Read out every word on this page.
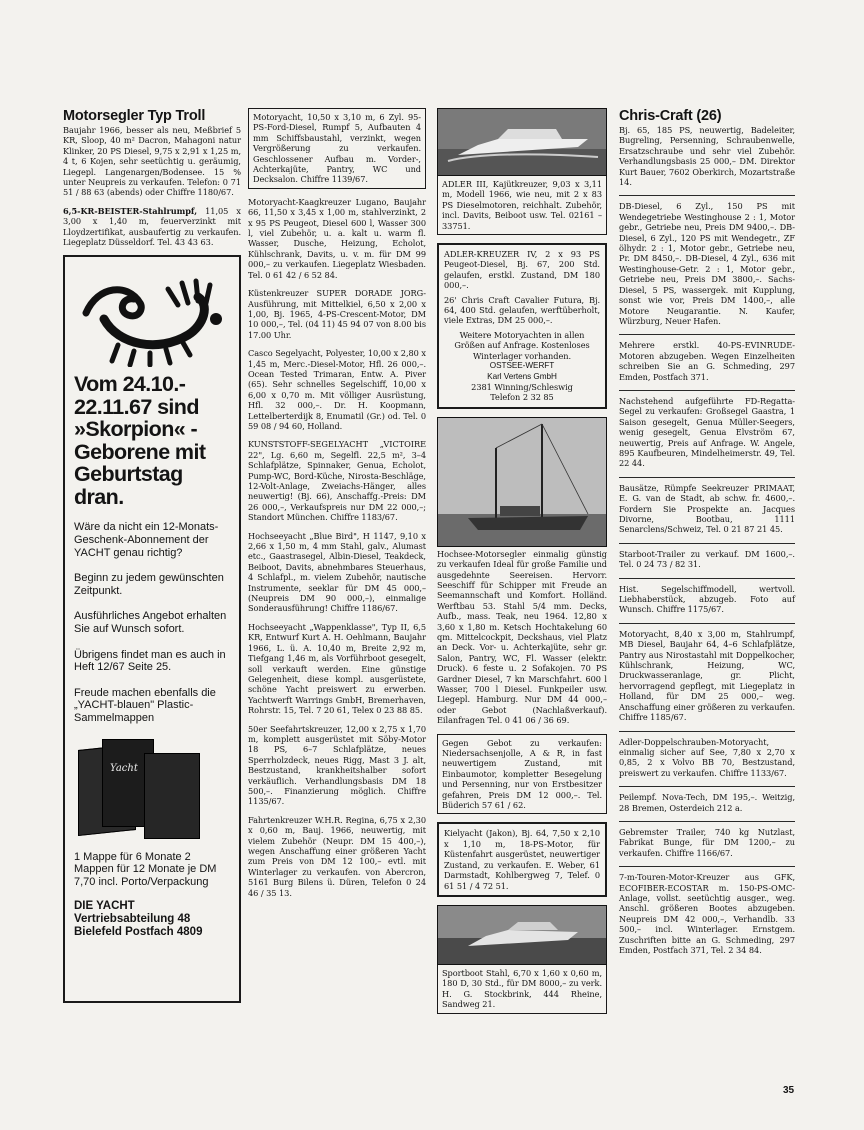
Motorsegler Typ Troll
Baujahr 1966, besser als neu, Meßbrief 5 KR, Sloop, 40 m² Dacron, Mahagoni natur Klinker, 20 PS Diesel, 9,75 x 2,91 x 1,25 m, 4 t, 6 Kojen, sehr seetüchtig u. geräumig, Liegepl. Langenargen/Bodensee. 15 % unter Neupreis zu verkaufen. Telefon: 0 71 51 / 88 63 (abends) oder Chiffre 1180/67.
6,5-KR-BEISTER-Stahlrumpf, 11,05 x 3,00 x 1,40 m, feuerverzinkt mit Lloydzertifikat, ausbaufertig zu verkaufen. Liegeplatz Düsseldorf. Tel. 43 43 63.
Vom 24.10.- 22.11.67 sind »Skorpion« -Geborene mit Geburtstag dran.
Wäre da nicht ein 12-Monats-Geschenk-Abonnement der YACHT genau richtig?
Beginn zu jedem gewünschten Zeitpunkt.
Ausführliches Angebot erhalten Sie auf Wunsch sofort.
Übrigens findet man es auch in Heft 12/67 Seite 25.
Freude machen ebenfalls die „YACHT-blauen" Plastic-Sammelmappen
Yacht
1 Mappe für 6 Monate 2 Mappen für 12 Monate je DM 7,70 incl. Porto/Verpackung
DIE YACHT Vertriebsabteilung 48 Bielefeld Postfach 4809
Motoryacht, 10,50 x 3,10 m, 6 Zyl. 95-PS-Ford-Diesel, Rumpf 5, Aufbauten 4 mm Schiffsbaustahl, verzinkt, wegen Vergrößerung zu verkaufen. Geschlossener Aufbau m. Vorder-, Achterkajüte, Pantry, WC und Decksalon. Chiffre 1139/67.
Motoryacht-Kaagkreuzer Lugano, Baujahr 66, 11,50 x 3,45 x 1,00 m, stahlverzinkt, 2 x 95 PS Peugeot, Diesel 600 l, Wasser 300 l, viel Zubehör, u. a. kalt u. warm fl. Wasser, Dusche, Heizung, Echolot, Kühlschrank, Davits, u. v. m. für DM 99 000,– zu verkaufen. Liegeplatz Wiesbaden. Tel. 0 61 42 / 6 52 84.
Küstenkreuzer SUPER DORADE JORG-Ausführung, mit Mittelkiel, 6,50 x 2,00 x 1,00, Bj. 1965, 4-PS-Crescent-Motor, DM 10 000,–, Tel. (04 11) 45 94 07 von 8.00 bis 17.00 Uhr.
Casco Segelyacht, Polyester, 10,00 x 2,80 x 1,45 m, Merc.-Diesel-Motor, Hfl. 26 000,–. Ocean Tested Trimaran, Entw. A. Piver (65). Sehr schnelles Segelschiff, 10,00 x 6,00 x 0,70 m. Mit völliger Ausrüstung, Hfl. 32 000,–. Dr. H. Koopmann, Lettelberterdijk 8, Enumatil (Gr.) od. Tel. 0 59 08 / 94 60, Holland.
KUNSTSTOFF-SEGELYACHT „VICTOIRE 22", Lg. 6,60 m, Segelfl. 22,5 m², 3–4 Schlafplätze, Spinnaker, Genua, Echolot, Pump-WC, Bord-Küche, Nirosta-Beschläge, 12-Volt-Anlage, Zweiachs-Hänger, alles neuwertig! (Bj. 66), Anschaffg.-Preis: DM 26 000,–, Verkaufspreis nur DM 22 000,–; Standort München. Chiffre 1183/67.
Hochseeyacht „Blue Bird", H 1147, 9,10 x 2,66 x 1,50 m, 4 mm Stahl, galv., Alumast etc., Gaastrasegel, Albin-Diesel, Teakdeck, Beiboot, Davits, abnehmbares Steuerhaus, 4 Schlafpl., m. vielem Zubehör, nautische Instrumente, seeklar für DM 45 000,– (Neupreis DM 90 000,–), einmalige Sonderausführung! Chiffre 1186/67.
Hochseeyacht „Wappenklasse", Typ II, 6,5 KR, Entwurf Kurt A. H. Oehlmann, Baujahr 1966, L. ü. A. 10,40 m, Breite 2,92 m, Tiefgang 1,46 m, als Vorführboot gesegelt, soll verkauft werden. Eine günstige Gelegenheit, diese kompl. ausgerüstete, schöne Yacht preiswert zu erwerben. Yachtwerft Warrings GmbH, Bremerhaven, Rohrstr. 15, Tel. 7 20 61, Telex 0 23 88 85.
50er Seefahrtskreuzer, 12,00 x 2,75 x 1,70 m, komplett ausgerüstet mit Söby-Motor 18 PS, 6–7 Schlafplätze, neues Sperrholzdeck, neues Rigg, Mast 3 J. alt, Bestzustand, krankheitshalber sofort verkäuflich. Verhandlungsbasis DM 18 500,–. Finanzierung möglich. Chiffre 1135/67.
Fahrtenkreuzer W.H.R. Regina, 6,75 x 2,30 x 0,60 m, Bauj. 1966, neuwertig, mit vielem Zubehör (Neupr. DM 15 400,–), wegen Anschaffung einer größeren Yacht zum Preis von DM 12 100,– evtl. mit Winterlager zu verkaufen. von Abercron, 5161 Burg Bilens ü. Düren, Telefon 0 24 46 / 35 13.
ADLER III, Kajütkreuzer, 9,03 x 3,11 m, Modell 1966, wie neu, mit 2 x 83 PS Dieselmotoren, reichhalt. Zubehör, incl. Davits, Beiboot usw. Tel. 02161 – 33751.
ADLER-KREUZER IV, 2 x 93 PS Peugeot-Diesel, Bj. 67, 200 Std. gelaufen, erstkl. Zustand, DM 180 000,–.
26' Chris Craft Cavalier Futura, Bj. 64, 400 Std. gelaufen, werftüberholt, viele Extras, DM 25 000,–.
Weitere Motoryachten in allen Größen auf Anfrage. Kostenloses Winterlager vorhanden.
OSTSEE-WERFT
Karl Vertens GmbH
2381 Winning/Schleswig
Telefon 2 32 85
Hochsee-Motorsegler einmalig günstig zu verkaufen Ideal für große Familie und ausgedehnte Seereisen. Hervorr. Seeschiff für Schipper mit Freude an Seemannschaft und Komfort. Holländ. Werftbau 53. Stahl 5/4 mm. Decks, Aufb., mass. Teak, neu 1964. 12,80 x 3,60 x 1,80 m. Ketsch Hochtakelung 60 qm. Mittelcockpit, Deckshaus, viel Platz an Deck. Vor- u. Achterkajüte, sehr gr. Salon, Pantry, WC, Fl. Wasser (elektr. Druck). 6 feste u. 2 Sofakojen. 70 PS Gardner Diesel, 7 kn Marschfahrt. 600 l Wasser, 700 l Diesel. Funkpeiler usw. Liegepl. Hamburg. Nur DM 44 000,– oder Gebot (Nachlaßverkauf). Eilanfragen Tel. 0 41 06 / 36 69.
Gegen Gebot zu verkaufen: Niedersachsenjolle, A & R, in fast neuwertigem Zustand, mit Einbaumotor, kompletter Besegelung und Persenning, nur von Erstbesitzer gefahren, Preis DM 12 000,–. Tel. Büderich 57 61 / 62.
Kielyacht (Jakon), Bj. 64, 7,50 x 2,10 x 1,10 m, 18-PS-Motor, für Küstenfahrt ausgerüstet, neuwertiger Zustand, zu verkaufen. E. Weber, 61 Darmstadt, Kohlbergweg 7, Telef. 0 61 51 / 4 72 51.
Sportboot Stahl, 6,70 x 1,60 x 0,60 m, 180 D, 30 Std., für DM 8000,– zu verk. H. G. Stockbrink, 444 Rheine, Sandweg 21.
Chris-Craft (26)
Bj. 65, 185 PS, neuwertig, Badeleiter, Bugreling, Persenning, Schraubenwelle, Ersatzschraube und sehr viel Zubehör. Verhandlungsbasis 25 000,– DM. Direktor Kurt Bauer, 7602 Oberkirch, Mozartstraße 14.
DB-Diesel, 6 Zyl., 150 PS mit Wendegetriebe Westinghouse 2 : 1, Motor gebr., Getriebe neu, Preis DM 9400,–. DB-Diesel, 6 Zyl., 120 PS mit Wendegetr., ZF ölhydr. 2 : 1, Motor gebr., Getriebe neu, Pr. DM 8450,–. DB-Diesel, 4 Zyl., 636 mit Westinghouse-Getr. 2 : 1, Motor gebr., Getriebe neu, Preis DM 3800,–. Sachs-Diesel, 5 PS, wassergek. mit Kupplung, sonst wie vor, Preis DM 1400,–, alle Motore Neugarantie. N. Kaufer, Würzburg, Neuer Hafen.
Mehrere erstkl. 40-PS-EVINRUDE-Motoren abzugeben. Wegen Einzelheiten schreiben Sie an G. Schmeding, 297 Emden, Postfach 371.
Nachstehend aufgeführte FD-Regatta-Segel zu verkaufen: Großsegel Gaastra, 1 Saison gesegelt, Genua Müller-Seegers, wenig gesegelt, Genua Elvström 67, neuwertig, Preis auf Anfrage. W. Angele, 895 Kaufbeuren, Mindelheimerstr. 49, Tel. 22 44.
Bausätze, Rümpfe Seekreuzer PRIMAAT, E. G. van de Stadt, ab schw. fr. 4600,–. Fordern Sie Prospekte an. Jacques Divorne, Bootbau, 1111 Senarclens/Schweiz, Tel. 0 21 87 21 45.
Starboot-Trailer zu verkauf. DM 1600,–. Tel. 0 24 73 / 82 31.
Hist. Segelschiffmodell, wertvoll. Liebhaberstück, abzugeb. Foto auf Wunsch. Chiffre 1175/67.
Motoryacht, 8,40 x 3,00 m, Stahlrumpf, MB Diesel, Baujahr 64, 4–6 Schlafplätze, Pantry aus Nirostastahl mit Doppelkocher, Kühlschrank, Heizung, WC, Druckwasseranlage, gr. Plicht, hervorragend gepflegt, mit Liegeplatz in Holland, für DM 25 000,– weg. Anschaffung einer größeren zu verkaufen. Chiffre 1185/67.
Adler-Doppelschrauben-Motoryacht, einmalig sicher auf See, 7,80 x 2,70 x 0,85, 2 x Volvo BB 70, Bestzustand, preiswert zu verkaufen. Chiffre 1133/67.
Peilempf. Nova-Tech, DM 195,–. Weitzig, 28 Bremen, Osterdeich 212 a.
Gebremster Trailer, 740 kg Nutzlast, Fabrikat Bunge, für DM 1200,– zu verkaufen. Chiffre 1166/67.
7-m-Touren-Motor-Kreuzer aus GFK, ECOFIBER-ECOSTAR m. 150-PS-OMC-Anlage, vollst. seetüchtig ausger., weg. Anschl. größeren Bootes abzugeben. Neupreis DM 42 000,–, Verhandlb. 33 500,– incl. Winterlager. Ernstgem. Zuschriften bitte an G. Schmeding, 297 Emden, Postfach 371, Tel. 2 34 84.
35
